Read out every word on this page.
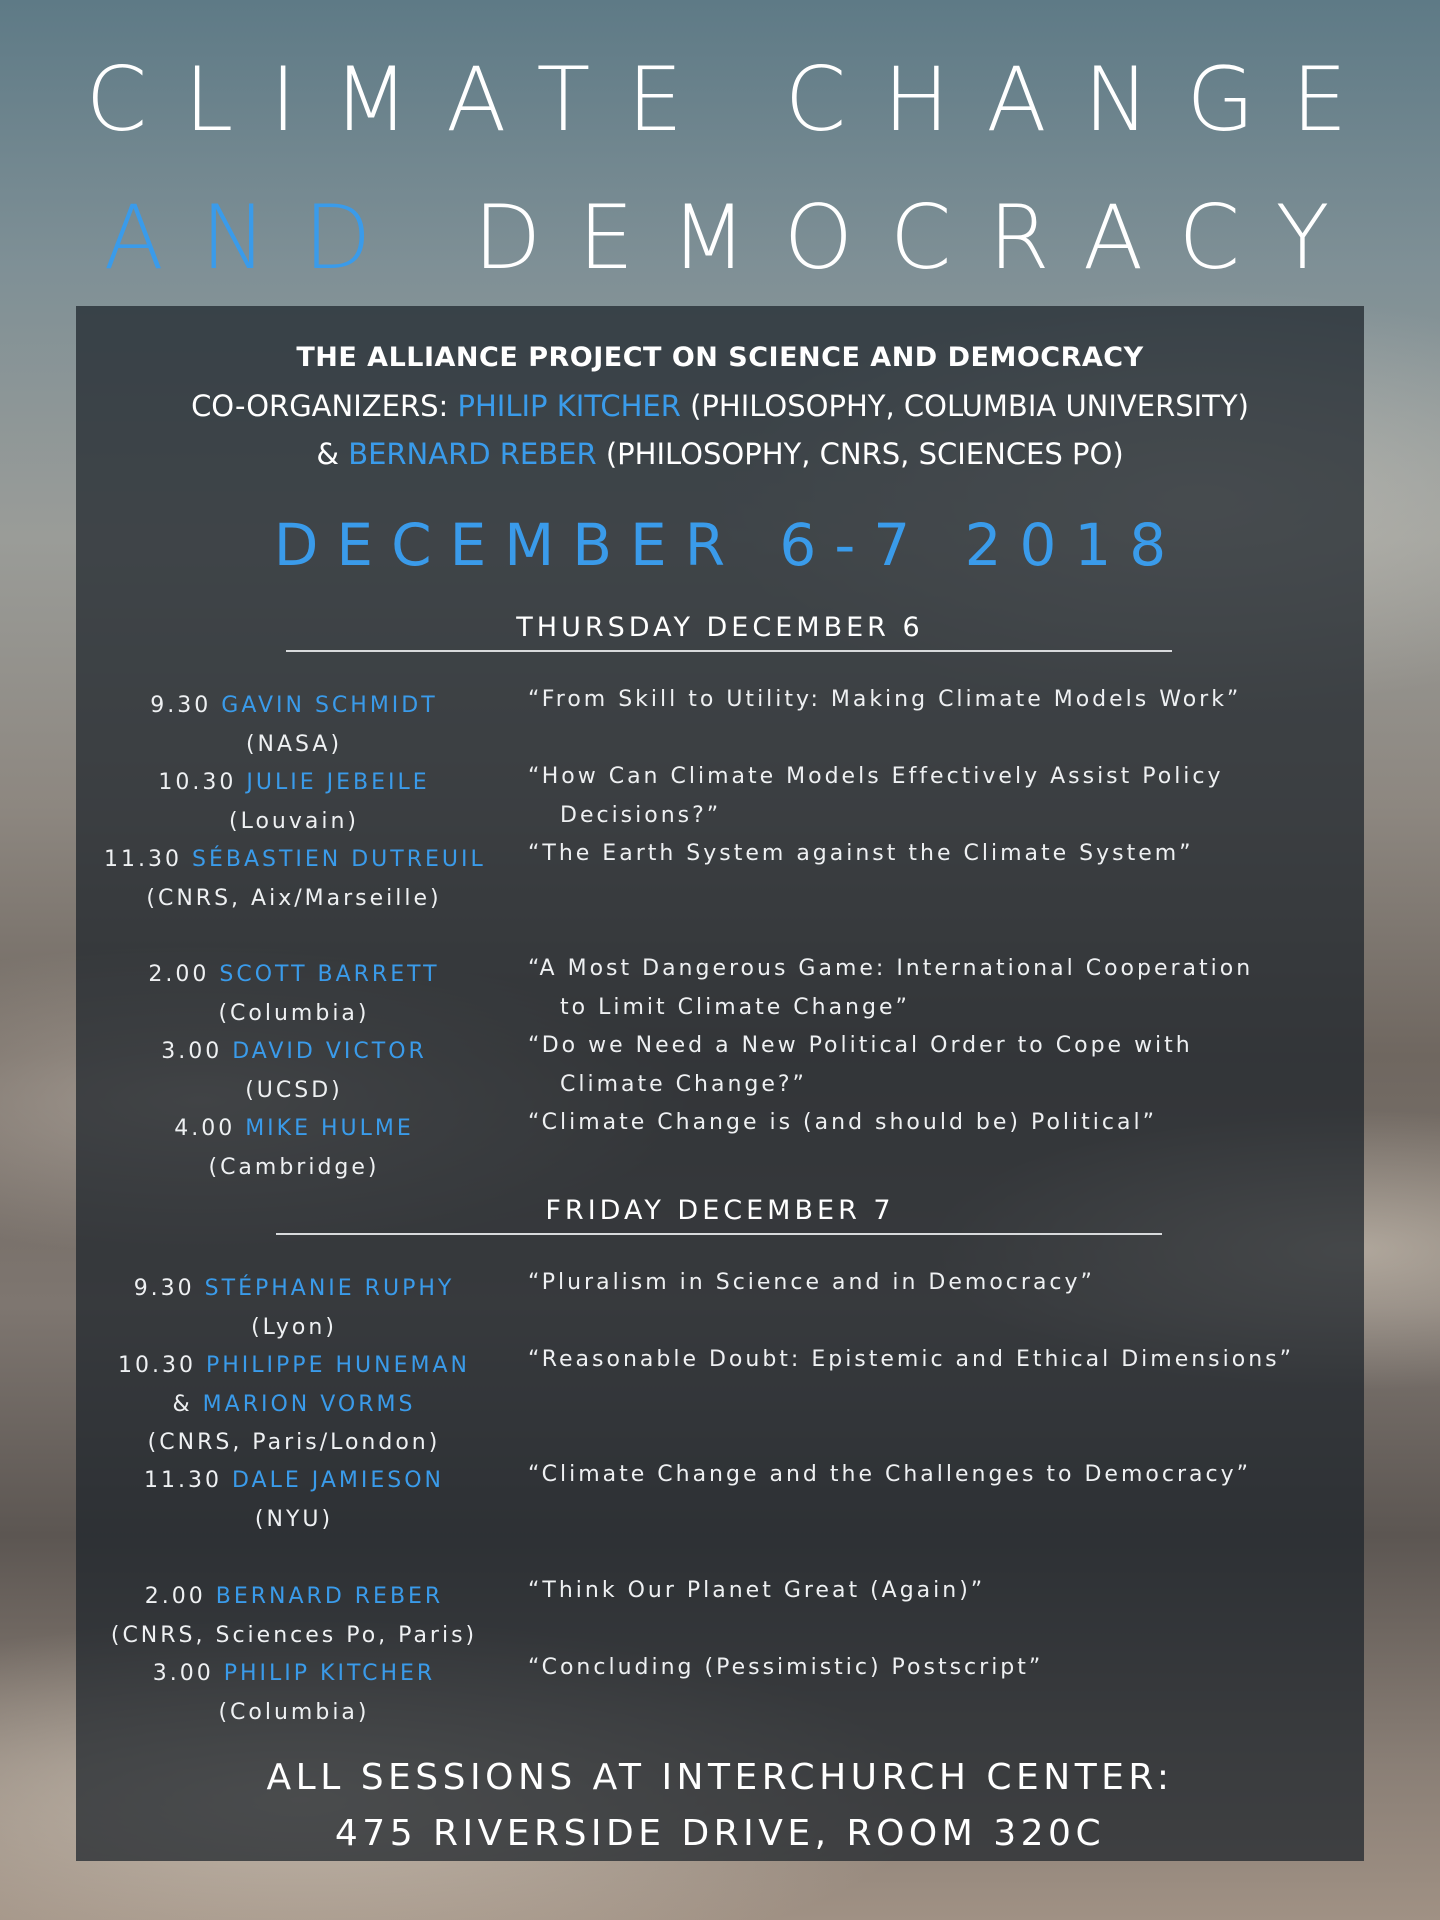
CLIMATE CHANGE
AND DEMOCRACY
THE ALLIANCE PROJECT ON SCIENCE AND DEMOCRACY
CO-ORGANIZERS: PHILIP KITCHER (PHILOSOPHY, COLUMBIA UNIVERSITY)
& BERNARD REBER (PHILOSOPHY, CNRS, SCIENCES PO)
DECEMBER 6-7 2018
THURSDAY DECEMBER 6
9.30 GAVIN SCHMIDT
(NASA)
“From Skill to Utility: Making Climate Models Work”
10.30 JULIE JEBEILE
(Louvain)
“How Can Climate Models Effectively Assist Policy
Decisions?”
11.30 SÉBASTIEN DUTREUIL
(CNRS, Aix/Marseille)
“The Earth System against the Climate System”
2.00 SCOTT BARRETT
(Columbia)
“A Most Dangerous Game: International Cooperation
to Limit Climate Change”
3.00 DAVID VICTOR
(UCSD)
“Do we Need a New Political Order to Cope with
Climate Change?”
4.00 MIKE HULME
(Cambridge)
“Climate Change is (and should be) Political”
FRIDAY DECEMBER 7
9.30 STÉPHANIE RUPHY
(Lyon)
“Pluralism in Science and in Democracy”
10.30 PHILIPPE HUNEMAN
& MARION VORMS
(CNRS, Paris/London)
“Reasonable Doubt: Epistemic and Ethical Dimensions”
11.30 DALE JAMIESON
(NYU)
“Climate Change and the Challenges to Democracy”
2.00 BERNARD REBER
(CNRS, Sciences Po, Paris)
“Think Our Planet Great (Again)”
3.00 PHILIP KITCHER
(Columbia)
“Concluding (Pessimistic) Postscript”
ALL SESSIONS AT INTERCHURCH CENTER:
475 RIVERSIDE DRIVE, ROOM 320C
